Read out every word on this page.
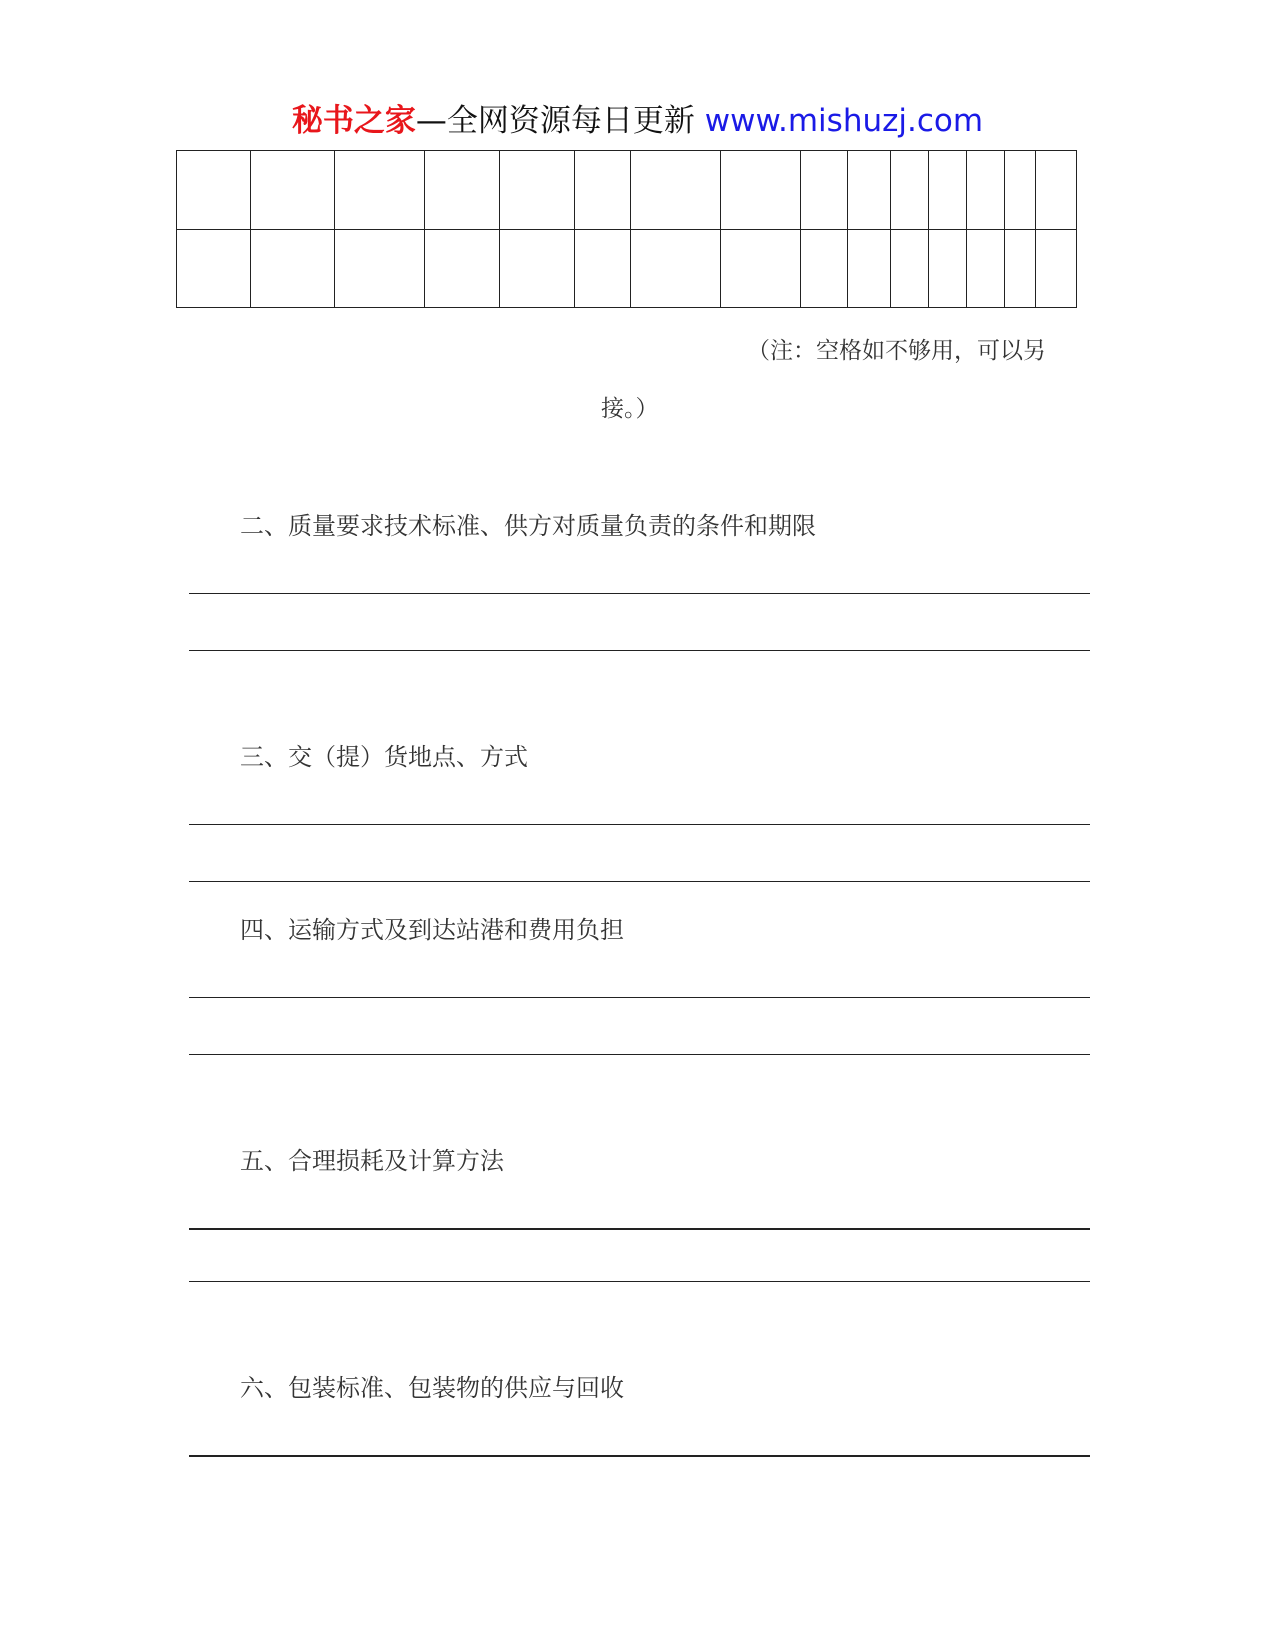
秘书之家—全网资源每日更新 www.mishuzj.com

（注：空格如不够用，可以另
接。）
二、质量要求技术标准、供方对质量负责的条件和期限
三、交（提）货地点、方式
四、运输方式及到达站港和费用负担
五、合理损耗及计算方法
六、包装标准、包装物的供应与回收
